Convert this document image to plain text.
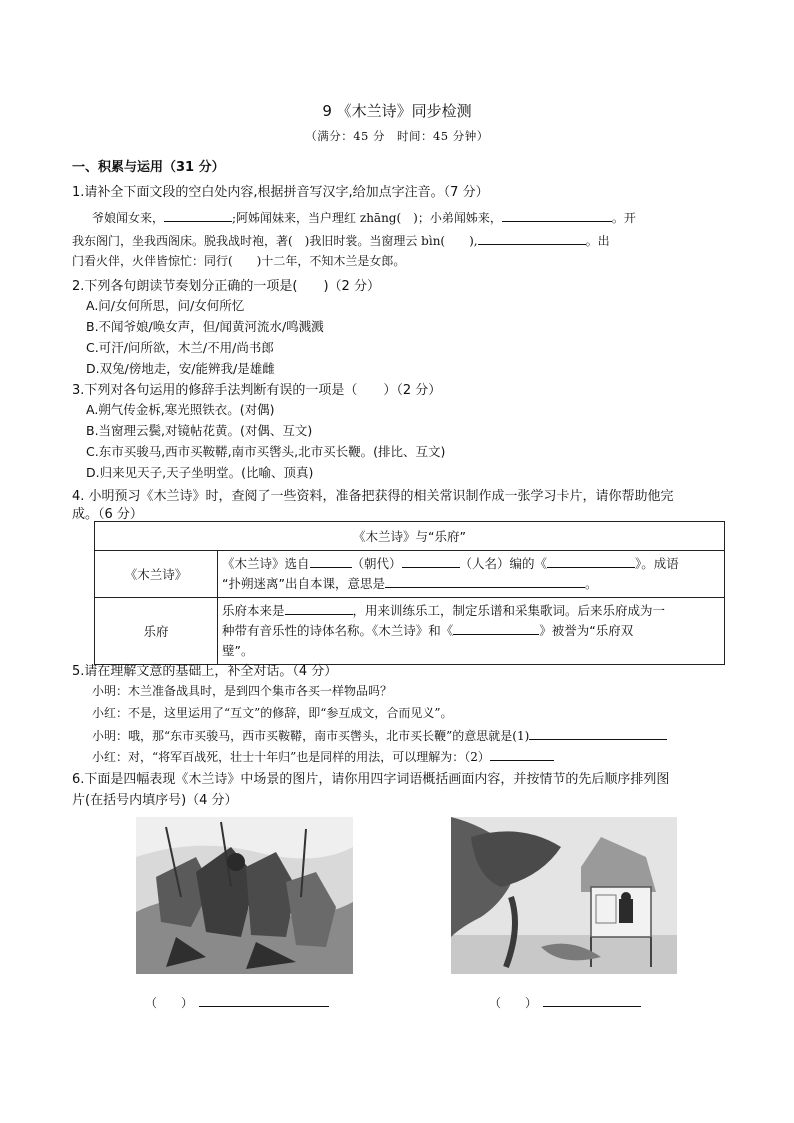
9 《木兰诗》同步检测
（满分：45 分　时间：45 分钟）
一、积累与运用（31 分）
1.请补全下面文段的空白处内容,根据拼音写汉字,给加点字注音。（7 分）
爷娘闻女来，	;阿姊闻妹来，当户理红 zhāng(　)；小弟闻姊来，	。开
我东阁门，坐我西阁床。脱我战时袍，著(　)我旧时裳。当窗理云 bìn(　　),	。出
门看火伴，火伴皆惊忙：同行(　　)十二年，不知木兰是女郎。
2.下列各句朗读节奏划分正确的一项是(　　)（2 分）
A.问/女何所思，问/女何所忆
B.不闻爷娘/唤女声，但/闻黄河流水/鸣溅溅
C.可汗/问所欲，木兰/不用/尚书郎
D.双兔/傍地走，安/能辨我/是雄雌
3.下列对各句运用的修辞手法判断有误的一项是（　　）（2 分）
A.朔气传金柝,寒光照铁衣。(对偶)
B.当窗理云鬓,对镜帖花黄。(对偶、互文)
C.东市买骏马,西市买鞍鞯,南市买辔头,北市买长鞭。(排比、互文)
D.归来见天子,天子坐明堂。(比喻、顶真)
4. 小明预习《木兰诗》时，查阅了一些资料，准备把获得的相关常识制作成一张学习卡片，请你帮助他完
成。（6 分）
《木兰诗》与“乐府”	
《木兰诗》	《木兰诗》选自 （朝代） （人名）编的《 》。成语
“扑朔迷离”出自本课，意思是 。
乐府	乐府本来是 ，用来训练乐工，制定乐谱和采集歌词。后来乐府成为一
种带有音乐性的诗体名称。《木兰诗》和《 》被誉为“乐府双
璧”。
5.请在理解文意的基础上，补全对话。（4 分）
小明：木兰准备战具时，是到四个集市各买一样物品吗？
小红：不是，这里运用了“互文”的修辞，即“参互成文，合而见义”。
小明：哦，那“东市买骏马，西市买鞍鞯，南市买辔头，北市买长鞭”的意思就是(1)
小红：对，“将军百战死，壮士十年归”也是同样的用法，可以理解为：（2）
6.下面是四幅表现《木兰诗》中场景的图片，请你用四字词语概括画面内容，并按情节的先后顺序排列图
片(在括号内填序号)（4 分）
（　　）	（　　）
